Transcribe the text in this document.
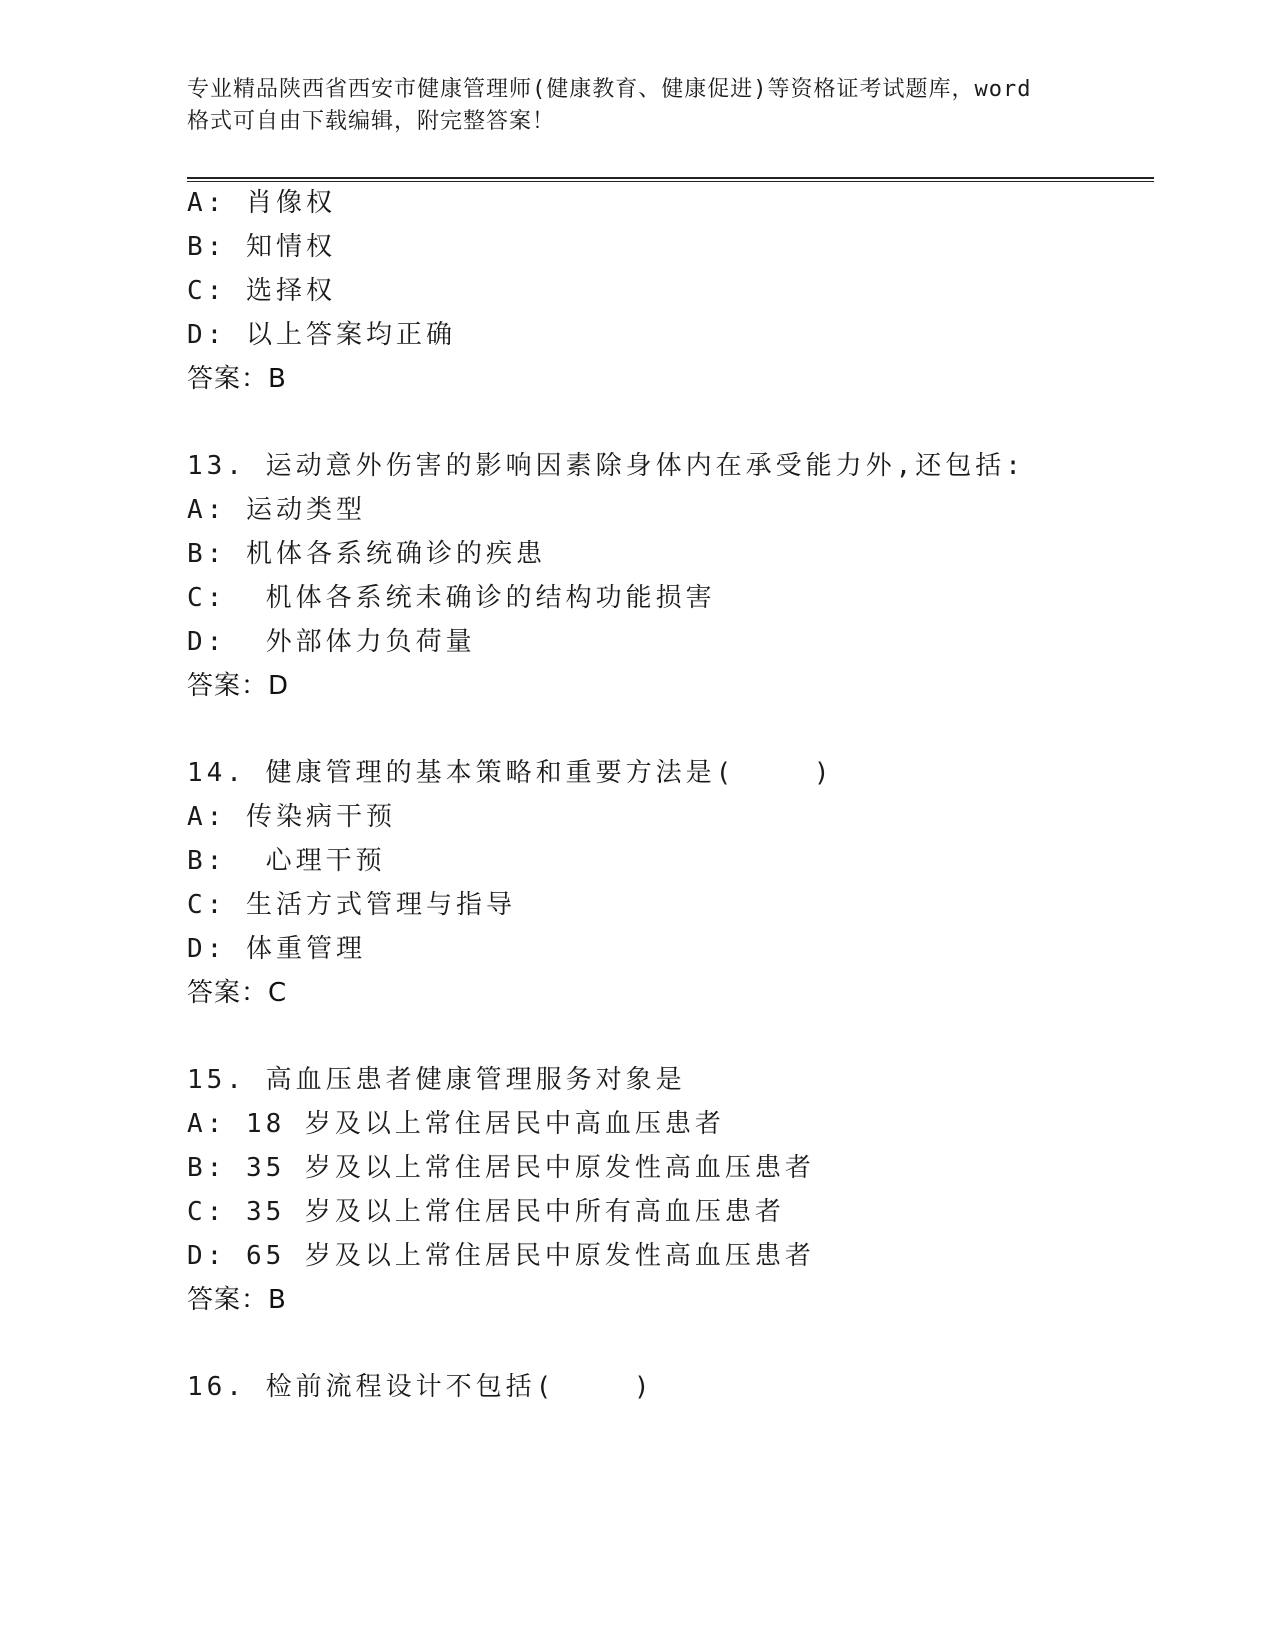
专业精品陕西省西安市健康管理师(健康教育、健康促进)等资格证考试题库，word
格式可自由下载编辑，附完整答案！
A: 肖像权
B: 知情权
C: 选择权
D: 以上答案均正确
答案：B
13. 运动意外伤害的影响因素除身体内在承受能力外,还包括:
A: 运动类型
B: 机体各系统确诊的疾患
C:  机体各系统未确诊的结构功能损害
D:  外部体力负荷量
答案：D
14. 健康管理的基本策略和重要方法是(    )
A: 传染病干预
B:  心理干预
C: 生活方式管理与指导
D: 体重管理
答案：C
15. 高血压患者健康管理服务对象是
A: 18 岁及以上常住居民中高血压患者
B: 35 岁及以上常住居民中原发性高血压患者
C: 35 岁及以上常住居民中所有高血压患者
D: 65 岁及以上常住居民中原发性高血压患者
答案：B
16. 检前流程设计不包括(    )
